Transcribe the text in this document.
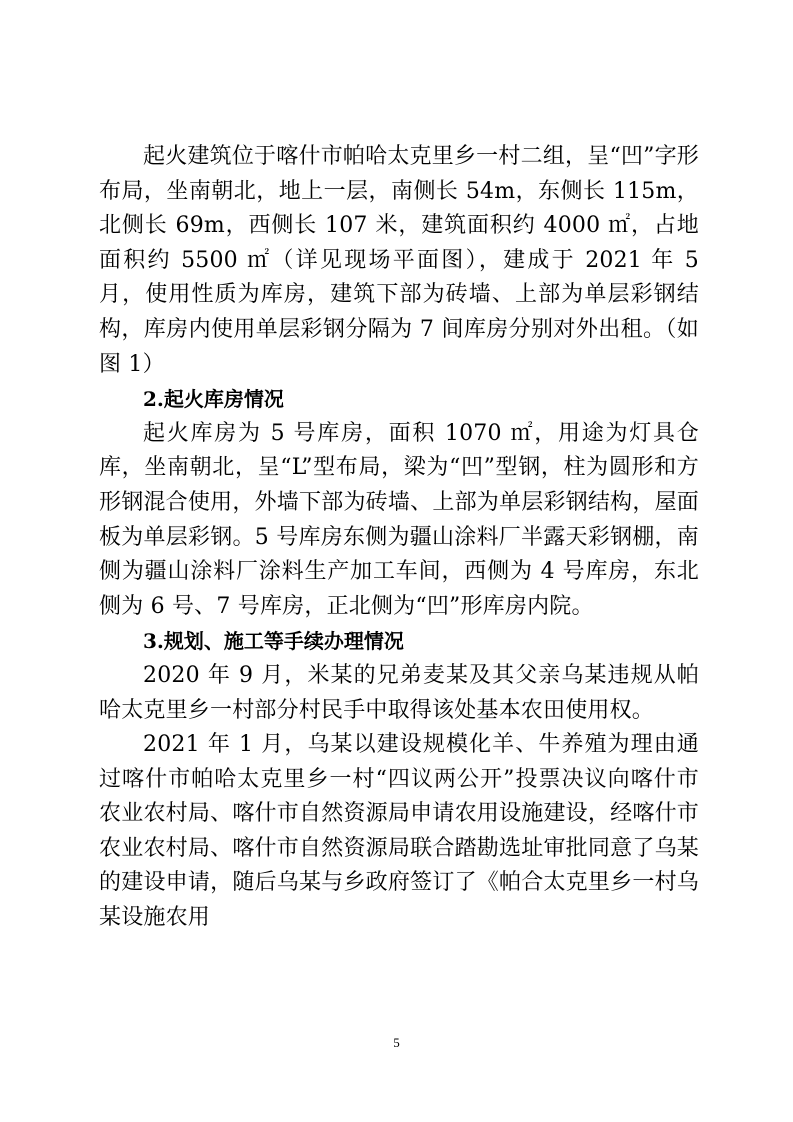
起火建筑位于喀什市帕哈太克里乡一村二组，呈“凹”字形布局，坐南朝北，地上一层，南侧长 54m，东侧长 115m，北侧长 69m，西侧长 107 米，建筑面积约 4000 ㎡，占地面积约 5500 ㎡（详见现场平面图），建成于 2021 年 5 月，使用性质为库房，建筑下部为砖墙、上部为单层彩钢结构，库房内使用单层彩钢分隔为 7 间库房分别对外出租。（如图 1）

2.起火库房情况

起火库房为 5 号库房，面积 1070 ㎡，用途为灯具仓库，坐南朝北，呈“L”型布局，梁为“凹”型钢，柱为圆形和方形钢混合使用，外墙下部为砖墙、上部为单层彩钢结构，屋面板为单层彩钢。5 号库房东侧为疆山涂料厂半露天彩钢棚，南侧为疆山涂料厂涂料生产加工车间，西侧为 4 号库房，东北侧为 6 号、7 号库房，正北侧为“凹”形库房内院。

3.规划、施工等手续办理情况

2020 年 9 月，米某的兄弟麦某及其父亲乌某违规从帕哈太克里乡一村部分村民手中取得该处基本农田使用权。

2021 年 1 月，乌某以建设规模化羊、牛养殖为理由通过喀什市帕哈太克里乡一村“四议两公开”投票决议向喀什市农业农村局、喀什市自然资源局申请农用设施建设，经喀什市农业农村局、喀什市自然资源局联合踏勘选址审批同意了乌某的建设申请，随后乌某与乡政府签订了《帕合太克里乡一村乌某设施农用

5
